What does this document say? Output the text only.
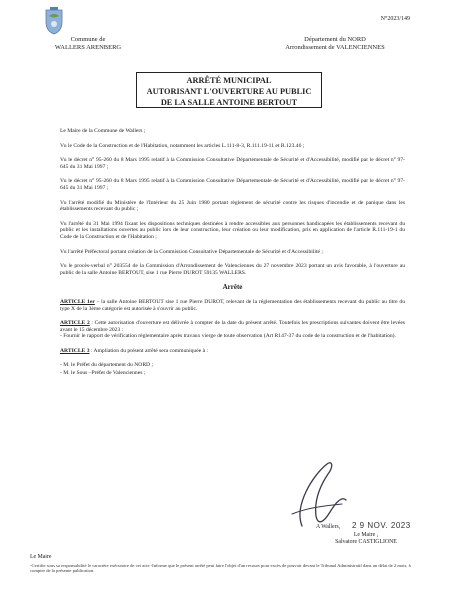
N°2023/149
Commune de
WALLERS ARENBERG
Département du NORD
Arrondissement de VALENCIENNES
ARRÊTÉ MUNICIPAL
AUTORISANT L'OUVERTURE AU PUBLIC
DE LA SALLE ANTOINE BERTOUT

Le Maire de la Commune de Wallers ;

Vu le Code de la Construction et de l'Habitation, notamment les articles L.111-8-3, R.111.19-11 et R.123.46 ;

Vu le décret n° 95-260 du 8 Mars 1995 relatif à la Commission Consultative Départementale de Sécurité et d'Accessibilité, modifié par le décret n° 97-645 du 31 Mai 1997 ;

Vu le décret n° 95-260 du 8 Mars 1995 relatif à la Commission Consultative Départementale de Sécurité et d'Accessibilité, modifié par le décret n° 97-645 du 31 Mai 1997 ;

Vu l'arrêté modifié du Ministère de l'Intérieur du 25 Juin 1980 portant règlement de sécurité contre les risques d'incendie et de panique dans les établissements recevant du public ;

Vu l'arrêté du 31 Mai 1994 fixant les dispositions techniques destinées à rendre accessibles aux personnes handicapées les établissements recevant du public et les installations ouvertes au public lors de leur construction, leur création ou leur modification, pris en application de l'article R.111-19-1 du Code de la Construction et de l'Habitation ;

Vu l'arrêté Préfectoral portant création de la Commission Consultative Départementale de Sécurité et d'Accessibilité ;

Vu le procès-verbal n° 203554 de la Commission d'Arrondissement de Valenciennes du 27 novembre 2023 portant un avis favorable, à l'ouverture au public de la salle Antoine BERTOUT, sise 1 rue Pierre DUROT 59135 WALLERS.

Arrête

ARTICLE 1er – la salle Antoine BERTOUT sise 1 rue Pierre DUROT, relevant de la réglementation des établissements recevant du public au titre du type X de la 3ème catégorie est autorisée à s'ouvrir au public.

ARTICLE 2 : Cette autorisation d'ouverture est délivrée à compter de la date du présent arrêté. Toutefois les prescriptions suivantes doivent être levées avant le 15 décembre 2023 :

- Fournir le rapport de vérification réglementaire après travaux vierge de toute observation (Art R147-37 du code de la construction et de l'habitation).

ARTICLE 3 : Ampliation du présent arrêté sera communiquée à :

- M. le Préfet du département du NORD ;
- M. le Sous –Préfet de Valenciennes ;
2 9 NOV. 2023
A Wallers,
Le Maire ,
Salvatore CASTIGLIONE
Le Maire
-Certifie sous sa responsabilité le caractère exécutoire de cet acte -Informe que le présent arrêté peut faire l'objet d'un recours pour excès de pouvoir devant le Tribunal Administratif dans un délai de 2 mois, à compter de la présente publication.
